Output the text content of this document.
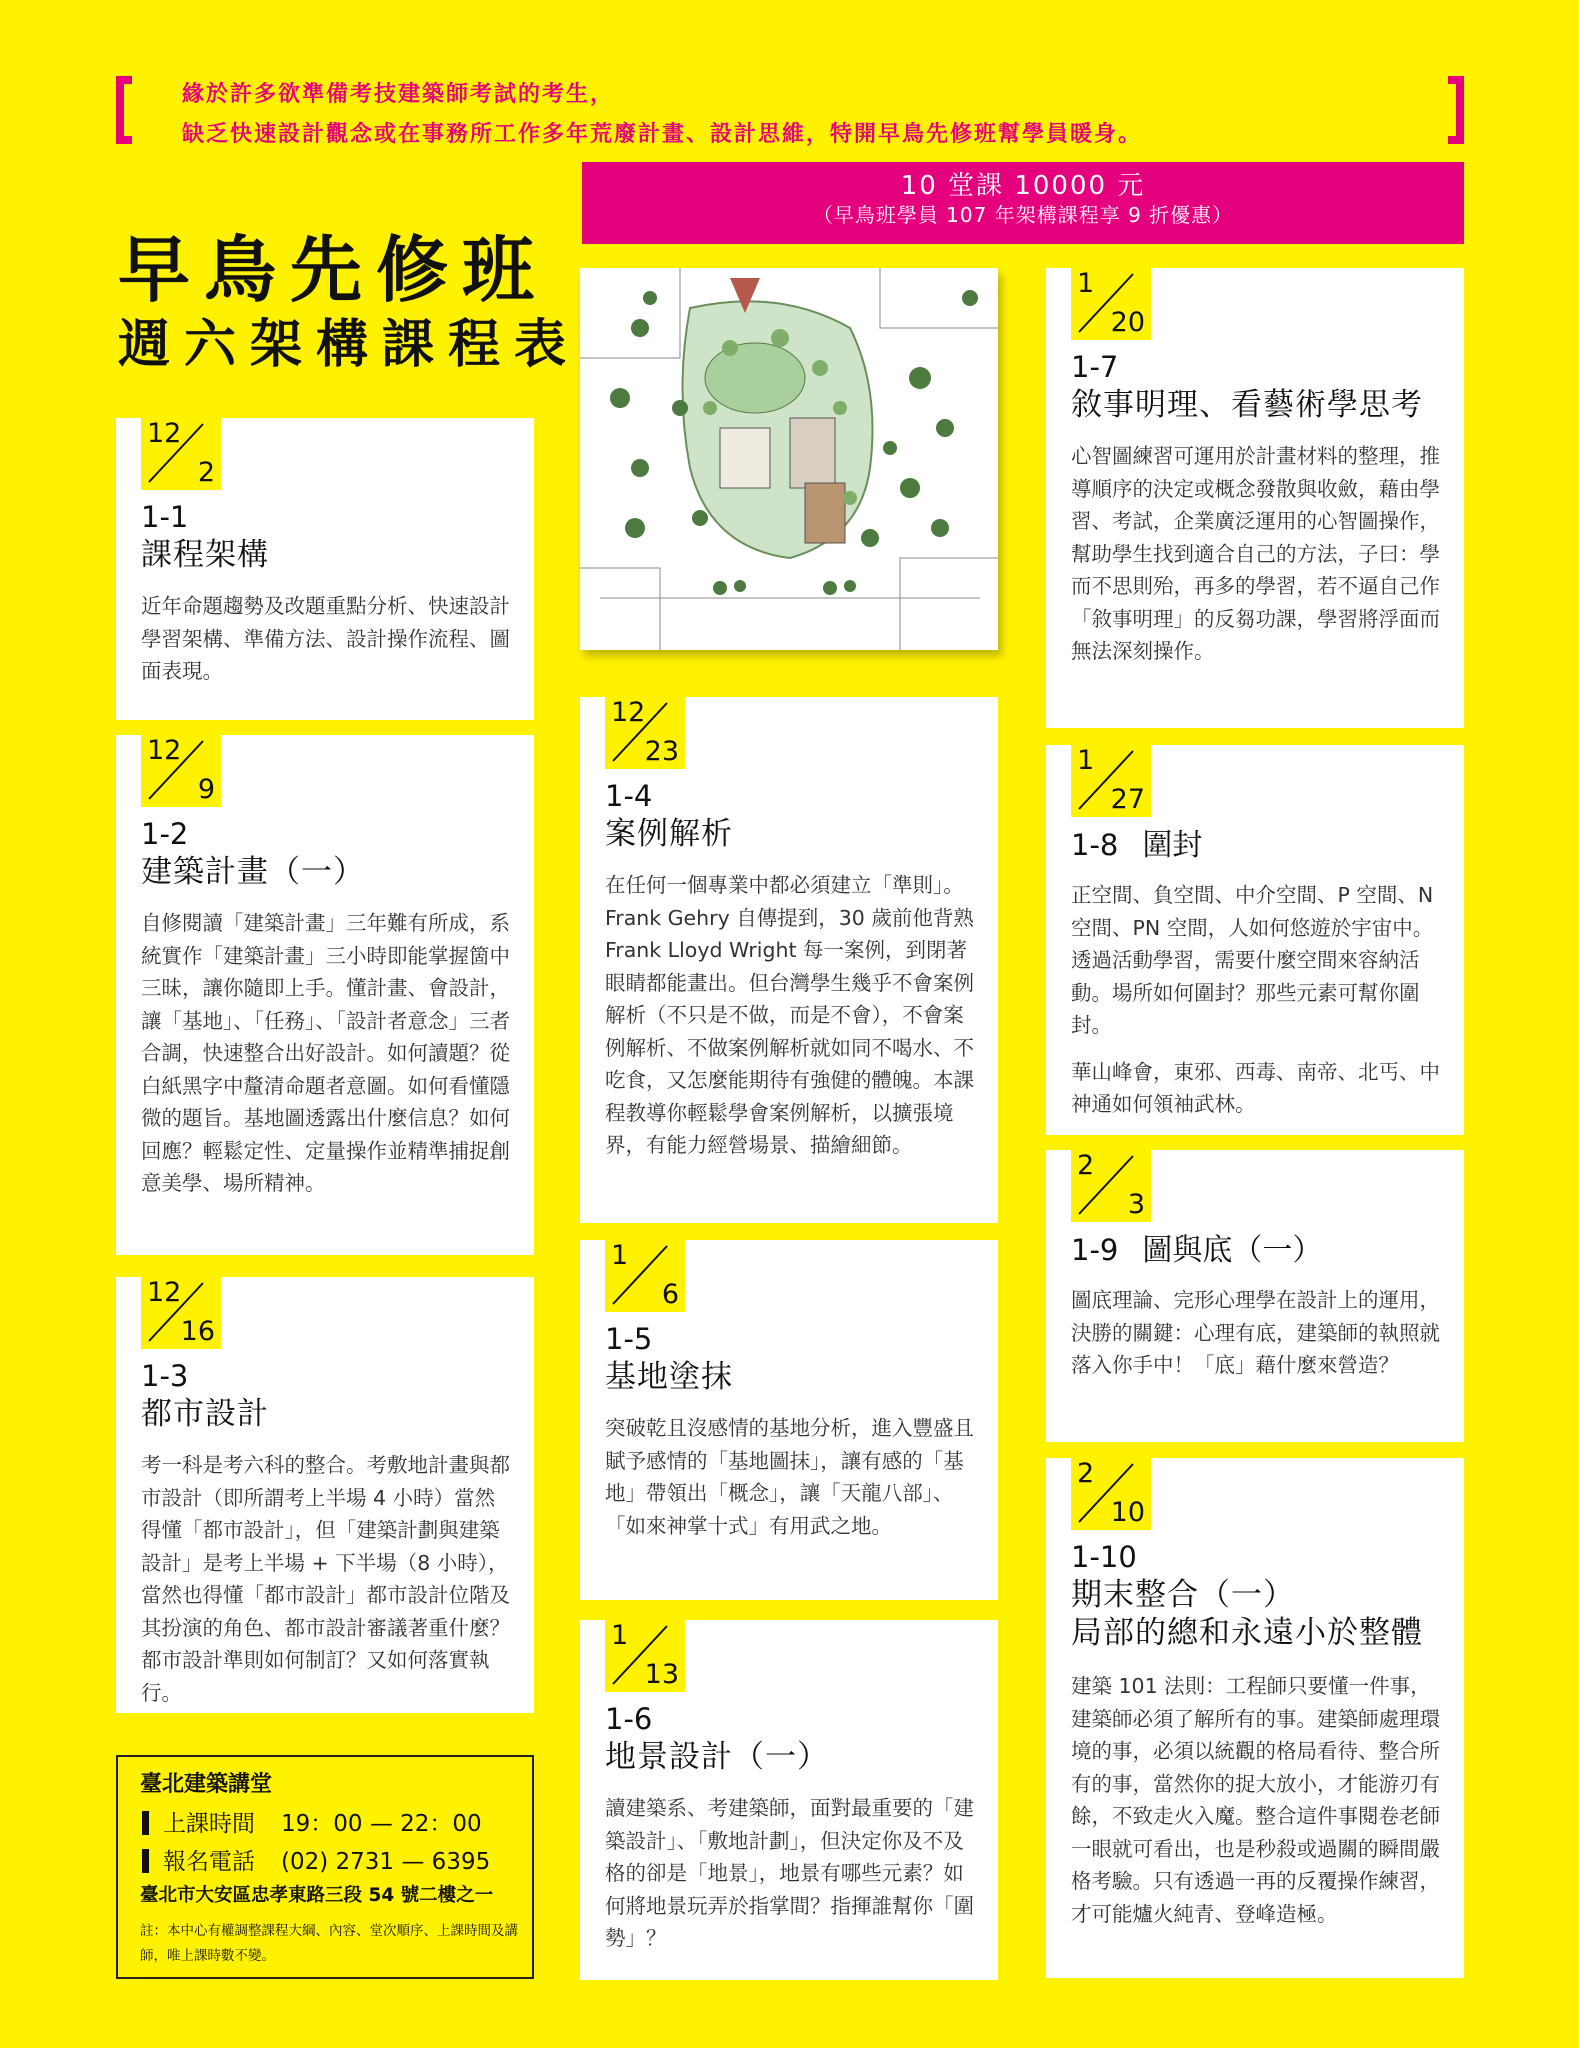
緣於許多欲準備考技建築師考試的考生，
缺乏快速設計觀念或在事務所工作多年荒廢計畫、設計思維，特開早鳥先修班幫學員暖身。
10 堂課 10000 元
（早鳥班學員 107 年架構課程享 9 折優惠）
早鳥先修班
週六架構課程表
12
2
1-1
課程架構

近年命題趨勢及改題重點分析、快速設計學習架構、準備方法、設計操作流程、圖面表現。

12
9
1-2
建築計畫（一）

自修閱讀「建築計畫」三年難有所成，系統實作「建築計畫」三小時即能掌握箇中三昧，讓你隨即上手。懂計畫、會設計，讓「基地」、「任務」、「設計者意念」三者合調，快速整合出好設計。如何讀題？從白紙黑字中釐清命題者意圖。如何看懂隱微的題旨。基地圖透露出什麼信息？如何回應？輕鬆定性、定量操作並精準捕捉創意美學、場所精神。

12
16
1-3
都市設計

考一科是考六科的整合。考敷地計畫與都市設計（即所謂考上半場 4 小時）當然得懂「都市設計」，但「建築計劃與建築設計」是考上半場 + 下半場（8 小時），當然也得懂「都市設計」都市設計位階及其扮演的角色、都市設計審議著重什麼？都市設計準則如何制訂？又如何落實執行。

12
23
1-4
案例解析

在任何一個專業中都必須建立「準則」。Frank Gehry 自傳提到，30 歲前他背熟 Frank Lloyd Wright 每一案例，到閉著眼睛都能畫出。但台灣學生幾乎不會案例解析（不只是不做，而是不會），不會案例解析、不做案例解析就如同不喝水、不吃食，又怎麼能期待有強健的體魄。本課程教導你輕鬆學會案例解析，以擴張境界，有能力經營場景、描繪細節。

1
6
1-5
基地塗抹

突破乾且沒感情的基地分析，進入豐盛且賦予感情的「基地圖抹」，讓有感的「基地」帶領出「概念」，讓「天龍八部」、「如來神掌十式」有用武之地。

1
13
1-6
地景設計（一）

讀建築系、考建築師，面對最重要的「建築設計」、「敷地計劃」，但決定你及不及格的卻是「地景」，地景有哪些元素？如何將地景玩弄於指掌間？指揮誰幫你「圍勢」？

1
20
1-7
敘事明理、看藝術學思考

心智圖練習可運用於計畫材料的整理，推導順序的決定或概念發散與收斂，藉由學習、考試，企業廣泛運用的心智圖操作，幫助學生找到適合自己的方法，子曰：學而不思則殆，再多的學習，若不逼自己作「敘事明理」的反芻功課，學習將浮面而無法深刻操作。

1
27
1-8 圍封

正空間、負空間、中介空間、P 空間、N 空間、PN 空間，人如何悠遊於宇宙中。透過活動學習，需要什麼空間來容納活動。場所如何圍封？那些元素可幫你圍封。

華山峰會，東邪、西毒、南帝、北丐、中神通如何領袖武林。

2
3
1-9 圖與底（一）

圖底理論、完形心理學在設計上的運用，決勝的關鍵：心理有底，建築師的執照就落入你手中！「底」藉什麼來營造？

2
10
1-10
期末整合（一）
局部的總和永遠小於整體

建築 101 法則：工程師只要懂一件事，建築師必須了解所有的事。建築師處理環境的事，必須以統觀的格局看待、整合所有的事，當然你的捉大放小，才能游刃有餘，不致走火入魔。整合這件事閱卷老師一眼就可看出，也是秒殺或過關的瞬間嚴格考驗。只有透過一再的反覆操作練習，才可能爐火純青、登峰造極。

臺北建築講堂
上課時間 19：00 — 22：00
報名電話 (02) 2731 — 6395
臺北市大安區忠孝東路三段 54 號二樓之一
註：本中心有權調整課程大綱、內容、堂次順序、上課時間及講師，唯上課時數不變。
